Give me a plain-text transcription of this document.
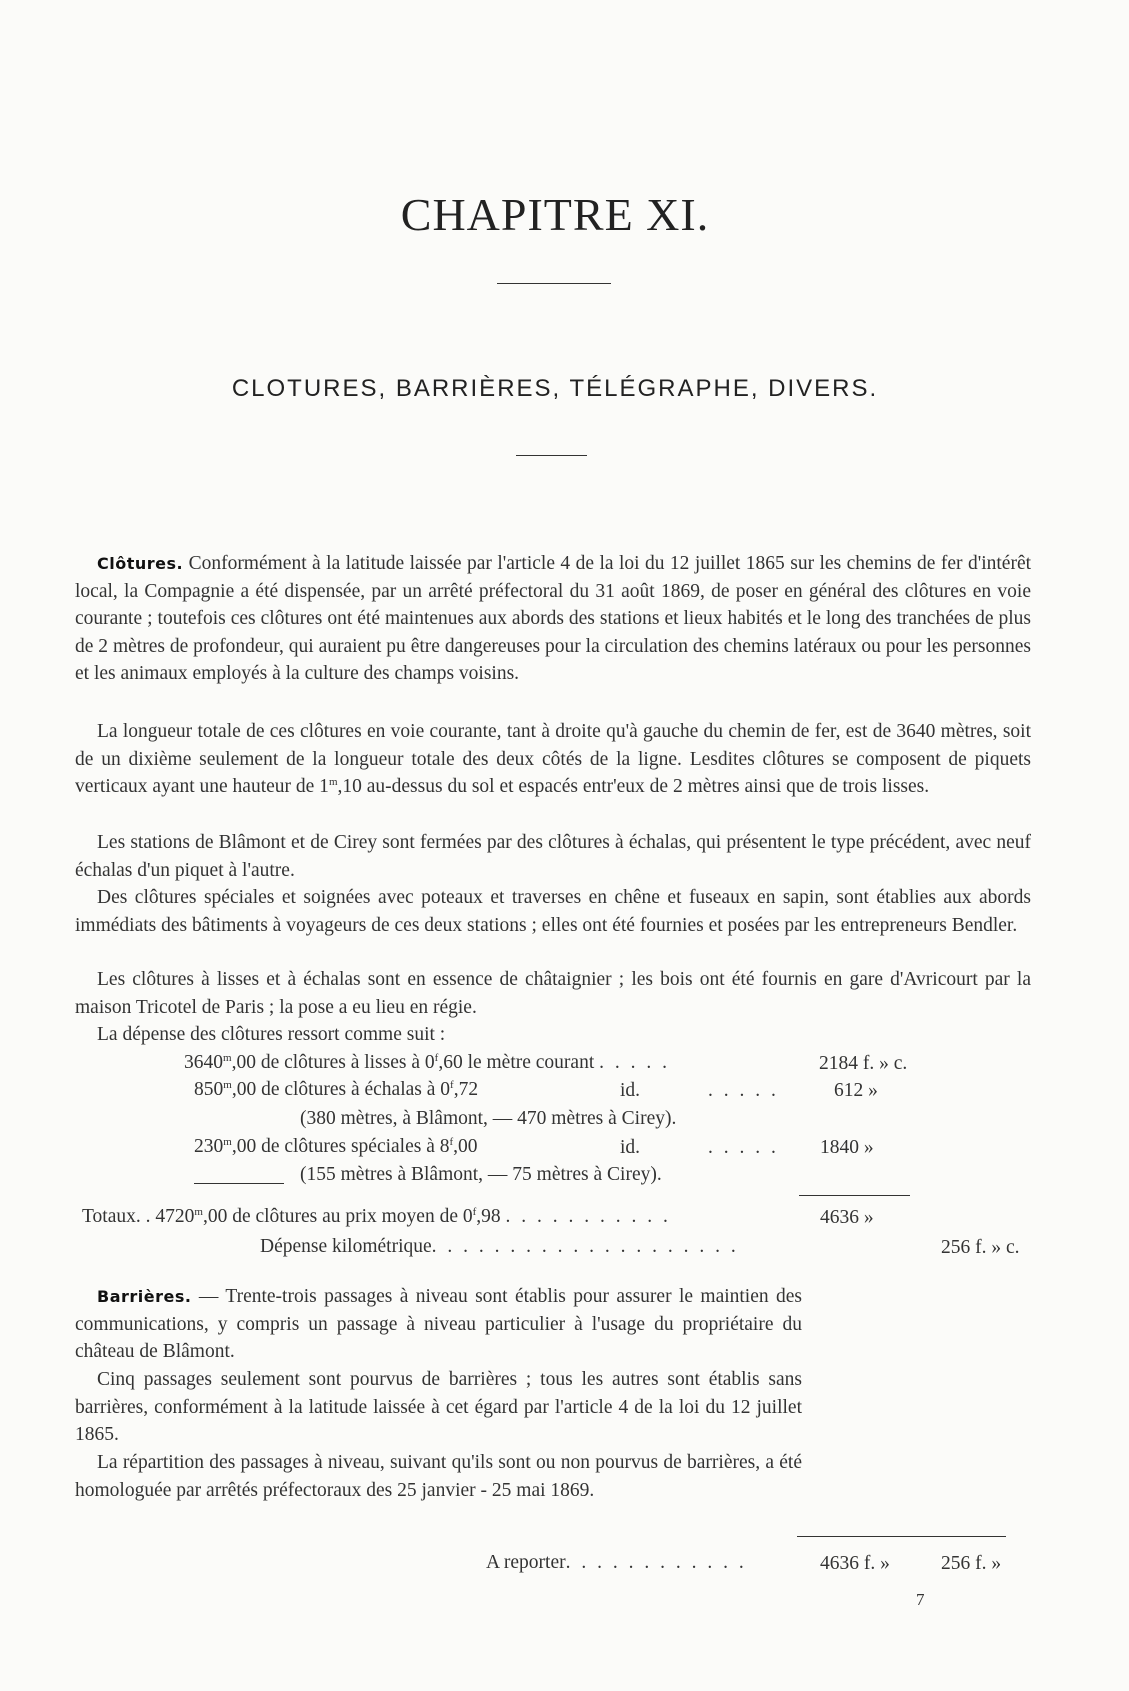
CHAPITRE XI.
CLOTURES, BARRIÈRES, TÉLÉGRAPHE, DIVERS.
Clôtures. Conformément à la latitude laissée par l'article 4 de la loi du 12 juillet 1865 sur les chemins de fer d'intérêt local, la Compagnie a été dispensée, par un arrêté préfectoral du 31 août 1869, de poser en général des clôtures en voie courante ; toutefois ces clôtures ont été maintenues aux abords des stations et lieux habités et le long des tranchées de plus de 2 mètres de profondeur, qui auraient pu être dangereuses pour la circulation des chemins latéraux ou pour les personnes et les animaux employés à la culture des champs voisins.
La longueur totale de ces clôtures en voie courante, tant à droite qu'à gauche du chemin de fer, est de 3640 mètres, soit de un dixième seulement de la longueur totale des deux côtés de la ligne. Lesdites clôtures se composent de piquets verticaux ayant une hauteur de 1$^m$,10 au-dessus du sol et espacés entr'eux de 2 mètres ainsi que de trois lisses.
Les stations de Blâmont et de Cirey sont fermées par des clôtures à échalas, qui présentent le type précédent, avec neuf échalas d'un piquet à l'autre.
Des clôtures spéciales et soignées avec poteaux et traverses en chêne et fuseaux en sapin, sont établies aux abords immédiats des bâtiments à voyageurs de ces deux stations ; elles ont été fournies et posées par les entrepreneurs Bendler.
Les clôtures à lisses et à échalas sont en essence de châtaignier ; les bois ont été fournis en gare d'Avricourt par la maison Tricotel de Paris ; la pose a eu lieu en régie.
La dépense des clôtures ressort comme suit :
3640$^m$,00 de clôtures à lisses à 0$^f$,60 le mètre courant . . . . .	2184 f. » c.
850$^m$,00 de clôtures à échalas à 0$^f$,72	id.	. . . . .	612 »
(380 mètres, à Blâmont, — 470 mètres à Cirey).
230$^m$,00 de clôtures spéciales à 8$^f$,00	id.	. . . . . 1840 »
(155 mètres à Blâmont, — 75 mètres à Cirey).
Totaux. . 4720$^m$,00 de clôtures au prix moyen de 0$^f$,98 . . . . . . . . . . .	4636 »
Dépense kilométrique. . . . . . . . . . . . . . . . . . . .	256 f. » c.
Barrières. — Trente-trois passages à niveau sont établis pour assurer le maintien des communications, y compris un passage à niveau particulier à l'usage du propriétaire du château de Blâmont.
Cinq passages seulement sont pourvus de barrières ; tous les autres sont établis sans barrières, conformément à la latitude laissée à cet égard par l'article 4 de la loi du 12 juillet 1865.
La répartition des passages à niveau, suivant qu'ils sont ou non pourvus de barrières, a été homologuée par arrêtés préfectoraux des 25 janvier - 25 mai 1869.
A reporter. . . . . . . . . . . .	4636 f. »	256 f. »
7
